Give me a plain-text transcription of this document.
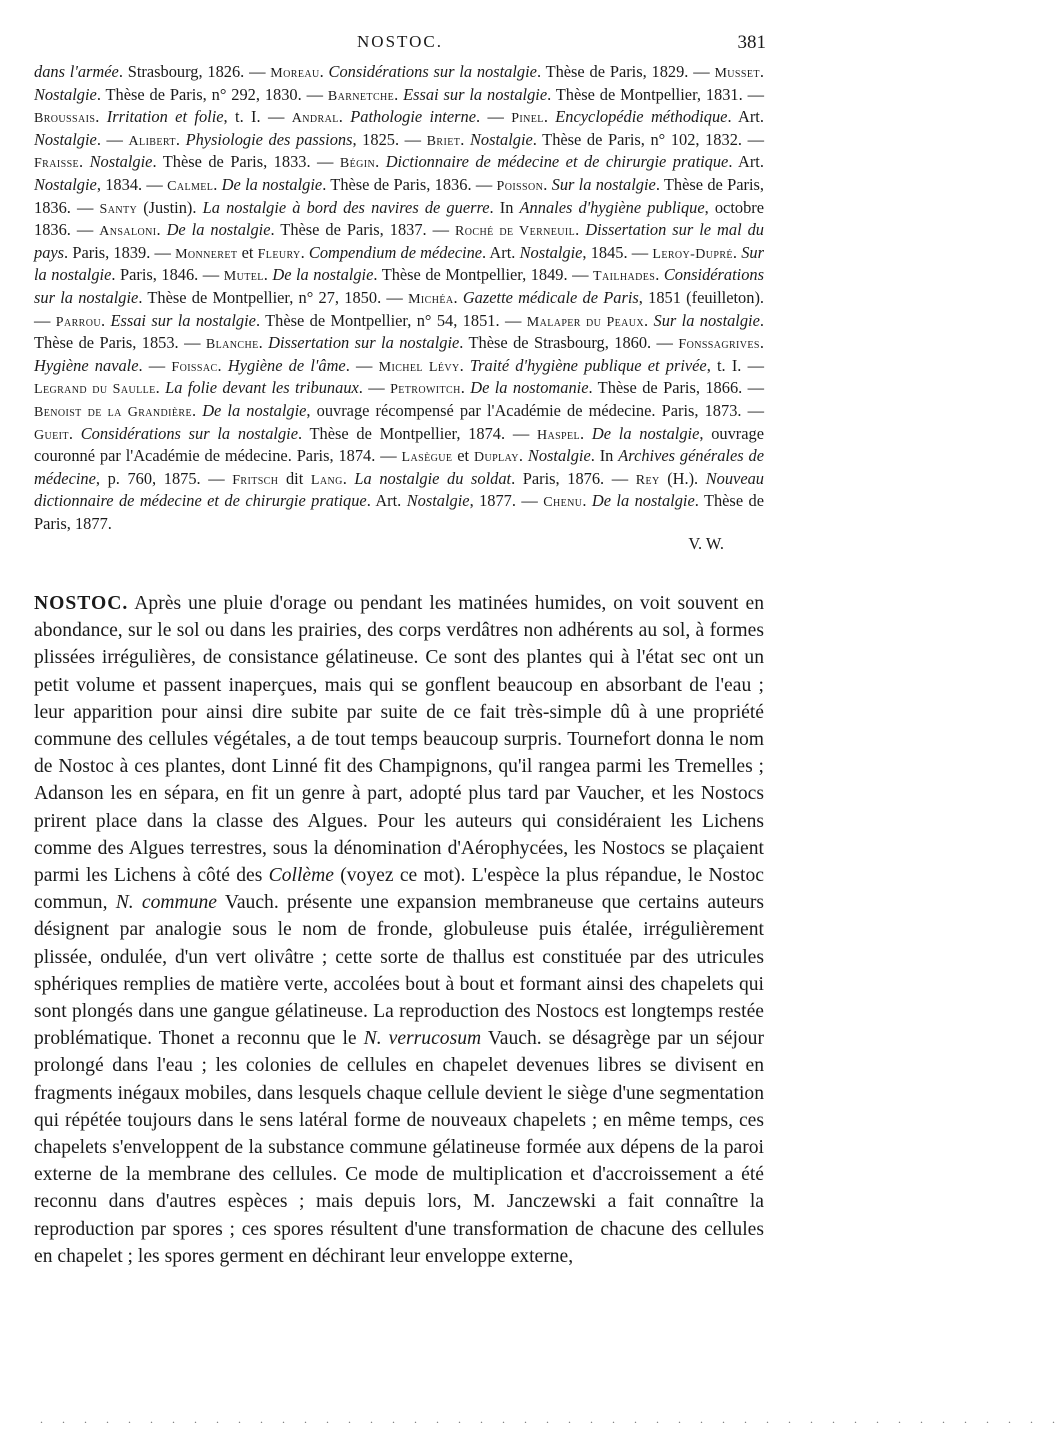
NOSTOC.	381
dans l'armée. Strasbourg, 1826. — Moreau. Considérations sur la nostalgie. Thèse de Paris, 1829. — Musset. Nostalgie. Thèse de Paris, n° 292, 1830. — Barnetche. Essai sur la nostalgie. Thèse de Montpellier, 1831. — Broussais. Irritation et folie, t. I. — Andral. Pathologie interne. — Pinel. Encyclopédie méthodique. Art. Nostalgie. — Alibert. Physiologie des passions, 1825. — Briet. Nostalgie. Thèse de Paris, n° 102, 1832. — Fraisse. Nostalgie. Thèse de Paris, 1833. — Bégin. Dictionnaire de médecine et de chirurgie pratique. Art. Nostalgie, 1834. — Calmel. De la nostalgie. Thèse de Paris, 1836. — Poisson. Sur la nostalgie. Thèse de Paris, 1836. — Santy (Justin). La nostalgie à bord des navires de guerre. In Annales d'hygiène publique, octobre 1836. — Ansaloni. De la nostalgie. Thèse de Paris, 1837. — Roché de Verneuil. Dissertation sur le mal du pays. Paris, 1839. — Monneret et Fleury. Compendium de médecine. Art. Nostalgie, 1845. — Leroy-Dupré. Sur la nostalgie. Paris, 1846. — Mutel. De la nostalgie. Thèse de Montpellier, 1849. — Tailhades. Considérations sur la nostalgie. Thèse de Montpellier, n° 27, 1850. — Michéa. Gazette médicale de Paris, 1851 (feuilleton). — Parrou. Essai sur la nostalgie. Thèse de Montpellier, n° 54, 1851. — Malaper du Peaux. Sur la nostalgie. Thèse de Paris, 1853. — Blanche. Dissertation sur la nostalgie. Thèse de Strasbourg, 1860. — Fonssagrives. Hygiène navale. — Foissac. Hygiène de l'âme. — Michel Lévy. Traité d'hygiène publique et privée, t. I. — Legrand du Saulle. La folie devant les tribunaux. — Petrowitch. De la nostomanie. Thèse de Paris, 1866. — Benoist de la Grandière. De la nostalgie, ouvrage récompensé par l'Académie de médecine. Paris, 1873. — Gueit. Considérations sur la nostalgie. Thèse de Montpellier, 1874. — Haspel. De la nostalgie, ouvrage couronné par l'Académie de médecine. Paris, 1874. — Lasègue et Duplay. Nostalgie. In Archives générales de médecine, p. 760, 1875. — Fritsch dit Lang. La nostalgie du soldat. Paris, 1876. — Rey (H.). Nouveau dictionnaire de médecine et de chirurgie pratique. Art. Nostalgie, 1877. — Chenu. De la nostalgie. Thèse de Paris, 1877.
V. W.
NOSTOC. Après une pluie d'orage ou pendant les matinées humides, on voit souvent en abondance, sur le sol ou dans les prairies, des corps verdâtres non adhérents au sol, à formes plissées irrégulières, de consistance gélatineuse. Ce sont des plantes qui à l'état sec ont un petit volume et passent inaperçues, mais qui se gonflent beaucoup en absorbant de l'eau ; leur apparition pour ainsi dire subite par suite de ce fait très-simple dû à une propriété commune des cellules végétales, a de tout temps beaucoup surpris. Tournefort donna le nom de Nostoc à ces plantes, dont Linné fit des Champignons, qu'il rangea parmi les Tremelles ; Adanson les en sépara, en fit un genre à part, adopté plus tard par Vaucher, et les Nostocs prirent place dans la classe des Algues. Pour les auteurs qui considéraient les Lichens comme des Algues terrestres, sous la dénomination d'Aérophycées, les Nostocs se plaçaient parmi les Lichens à côté des Collème (voyez ce mot). L'espèce la plus répandue, le Nostoc commun, N. commune Vauch. présente une expansion membraneuse que certains auteurs désignent par analogie sous le nom de fronde, globuleuse puis étalée, irrégulièrement plissée, ondulée, d'un vert olivâtre ; cette sorte de thallus est constituée par des utricules sphériques remplies de matière verte, accolées bout à bout et formant ainsi des chapelets qui sont plongés dans une gangue gélatineuse. La reproduction des Nostocs est longtemps restée problématique. Thonet a reconnu que le N. verrucosum Vauch. se désagrège par un séjour prolongé dans l'eau ; les colonies de cellules en chapelet devenues libres se divisent en fragments inégaux mobiles, dans lesquels chaque cellule devient le siège d'une segmentation qui répétée toujours dans le sens latéral forme de nouveaux chapelets ; en même temps, ces chapelets s'enveloppent de la substance commune gélatineuse formée aux dépens de la paroi externe de la membrane des cellules. Ce mode de multiplication et d'accroissement a été reconnu dans d'autres espèces ; mais depuis lors, M. Janczewski a fait connaître la reproduction par spores ; ces spores résultent d'une transformation de chacune des cellules en chapelet ; les spores germent en déchirant leur enveloppe externe,
. . . . . . . . . . . . . . . . . . . . . . . . . . . . . . . . . . . . . . . . . . . . . . .
